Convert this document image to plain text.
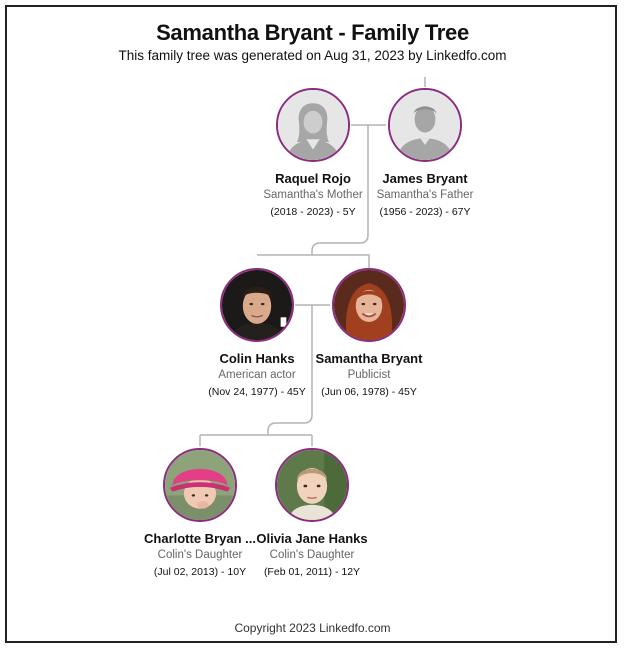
Samantha Bryant - Family Tree
This family tree was generated on Aug 31, 2023 by Linkedfo.com
Raquel Rojo
Samantha's Mother
(2018 - 2023) - 5Y
James Bryant
Samantha's Father
(1956 - 2023) - 67Y
Colin Hanks
American actor
(Nov 24, 1977) - 45Y
Samantha Bryant
Publicist
(Jun 06, 1978) - 45Y
Charlotte Bryan ...
Colin's Daughter
(Jul 02, 2013) - 10Y
Olivia Jane Hanks
Colin's Daughter
(Feb 01, 2011) - 12Y
Copyright 2023 Linkedfo.com
